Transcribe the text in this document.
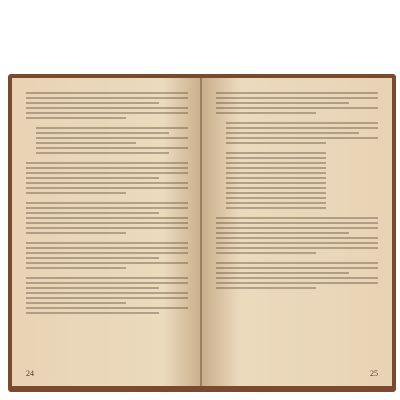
24	25
